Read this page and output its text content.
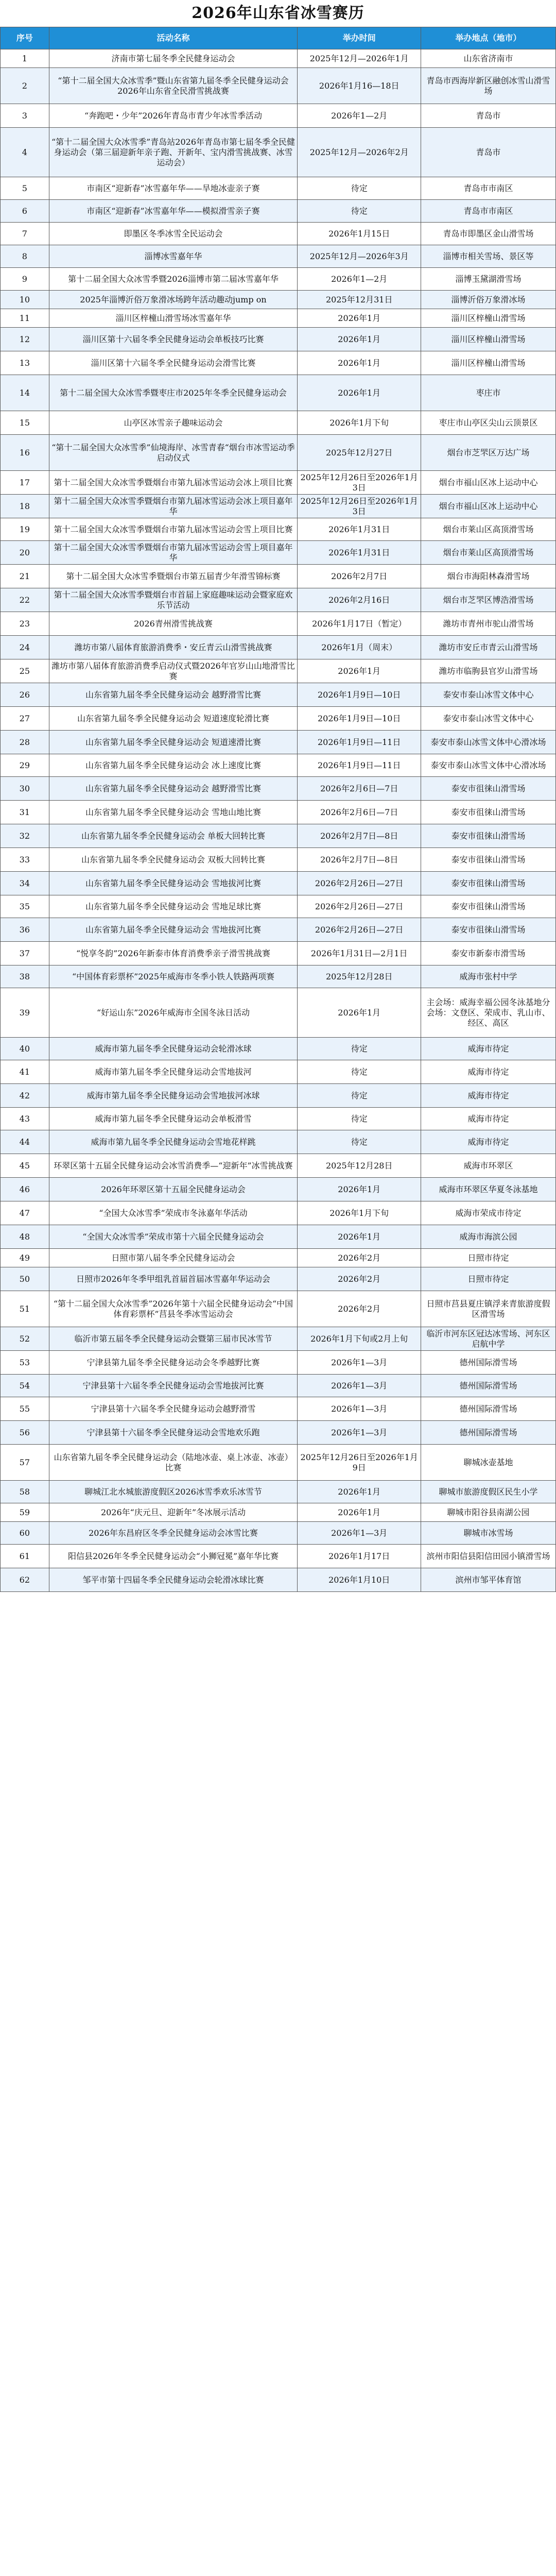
2026年山东省冰雪赛历
序号	活动名称	举办时间	举办地点（地市）
1	济南市第七届冬季全民健身运动会	2025年12月—2026年1月	山东省济南市
2	“第十二届全国大众冰雪季”暨山东省第九届冬季全民健身运动会2026年山东省全民滑雪挑战赛	2026年1月16—18日	青岛市西海岸新区融创冰雪山滑雪场
3	“奔跑吧・少年”2026年青岛市青少年冰雪季活动	2026年1—2月	青岛市
4	“第十二届全国大众冰雪季”青岛站2026年青岛市第七届冬季全民健身运动会（第三届迎新年亲子跑、开新年、宝内滑雪挑战赛、冰雪运动会）	2025年12月—2026年2月	青岛市
5	市南区“迎新春”冰雪嘉年华——旱地冰壶亲子赛	待定	青岛市市南区
6	市南区“迎新春”冰雪嘉年华——模拟滑雪亲子赛	待定	青岛市市南区
7	即墨区冬季冰雪全民运动会	2026年1月15日	青岛市即墨区金山滑雪场
8	淄博冰雪嘉年华	2025年12月—2026年3月	淄博市相关雪场、景区等
9	第十二届全国大众冰雪季暨2026淄博市第二届冰雪嘉年华	2026年1—2月	淄博玉黛湖滑雪场
10	2025年淄博沂俗万象滑冰场跨年活动趣动jump on	2025年12月31日	淄博沂俗万象滑冰场
11	淄川区梓橦山滑雪场冰雪嘉年华	2026年1月	淄川区梓橦山滑雪场
12	淄川区第十六届冬季全民健身运动会单板技巧比赛	2026年1月	淄川区梓橦山滑雪场
13	淄川区第十六届冬季全民健身运动会滑雪比赛	2026年1月	淄川区梓橦山滑雪场
14	第十二届全国大众冰雪季暨枣庄市2025年冬季全民健身运动会	2026年1月	枣庄市
15	山亭区冰雪亲子趣味运动会	2026年1月下旬	枣庄市山亭区尖山云顶景区
16	“第十二届全国大众冰雪季”仙境海岸、冰雪青春“烟台市冰雪运动季启动仪式	2025年12月27日	烟台市芝罘区万达广场
17	第十二届全国大众冰雪季暨烟台市第九届冰雪运动会冰上项目比赛	2025年12月26日至2026年1月3日	烟台市福山区冰上运动中心
18	第十二届全国大众冰雪季暨烟台市第九届冰雪运动会冰上项目嘉年华	2025年12月26日至2026年1月3日	烟台市福山区冰上运动中心
19	第十二届全国大众冰雪季暨烟台市第九届冰雪运动会雪上项目比赛	2026年1月31日	烟台市莱山区高顶滑雪场
20	第十二届全国大众冰雪季暨烟台市第九届冰雪运动会雪上项目嘉年华	2026年1月31日	烟台市莱山区高顶滑雪场
21	第十二届全国大众冰雪季暨烟台市第五届青少年滑雪锦标赛	2026年2月7日	烟台市海阳林森滑雪场
22	第十二届全国大众冰雪季暨烟台市首届上家庭趣味运动会暨家庭欢乐节活动	2026年2月16日	烟台市芝罘区博浩滑雪场
23	2026青州滑雪挑战赛	2026年1月17日（暂定）	潍坊市青州市驼山滑雪场
24	潍坊市第八届体育旅游消费季・安丘青云山滑雪挑战赛	2026年1月（周末）	潍坊市安丘市青云山滑雪场
25	潍坊市第八届体育旅游消费季启动仪式暨2026年官岁山山地滑雪比赛	2026年1月	潍坊市临朐县官岁山滑雪场
26	山东省第九届冬季全民健身运动会 越野滑雪比赛	2026年1月9日—10日	泰安市泰山冰雪文体中心
27	山东省第九届冬季全民健身运动会 短道速度轮滑比赛	2026年1月9日—10日	泰安市泰山冰雪文体中心
28	山东省第九届冬季全民健身运动会 短道速滑比赛	2026年1月9日—11日	泰安市泰山冰雪文体中心滑冰场
29	山东省第九届冬季全民健身运动会 冰上速度比赛	2026年1月9日—11日	泰安市泰山冰雪文体中心滑冰场
30	山东省第九届冬季全民健身运动会 越野滑雪比赛	2026年2月6日—7日	泰安市徂徕山滑雪场
31	山东省第九届冬季全民健身运动会 雪地山地比赛	2026年2月6日—7日	泰安市徂徕山滑雪场
32	山东省第九届冬季全民健身运动会 单板大回转比赛	2026年2月7日—8日	泰安市徂徕山滑雪场
33	山东省第九届冬季全民健身运动会 双板大回转比赛	2026年2月7日—8日	泰安市徂徕山滑雪场
34	山东省第九届冬季全民健身运动会 雪地拔河比赛	2026年2月26日—27日	泰安市徂徕山滑雪场
35	山东省第九届冬季全民健身运动会 雪地足球比赛	2026年2月26日—27日	泰安市徂徕山滑雪场
36	山东省第九届冬季全民健身运动会 雪地拔河比赛	2026年2月26日—27日	泰安市徂徕山滑雪场
37	“悦享冬韵”2026年新泰市体育消费季亲子滑雪挑战赛	2026年1月31日—2月1日	泰安市新泰市滑雪场
38	“中国体育彩票杯”2025年威海市冬季小铁人铁路两项赛	2025年12月28日	威海市张村中学
39	“好运山东”2026年威海市全国冬泳日活动	2026年1月	主会场：威海幸福公园冬泳基地分会场：文登区、荣成市、乳山市、经区、高区
40	威海市第九届冬季全民健身运动会轮滑冰球	待定	威海市待定
41	威海市第九届冬季全民健身运动会雪地拔河	待定	威海市待定
42	威海市第九届冬季全民健身运动会雪地拔河冰球	待定	威海市待定
43	威海市第九届冬季全民健身运动会单板滑雪	待定	威海市待定
44	威海市第九届冬季全民健身运动会雪地花样跳	待定	威海市待定
45	环翠区第十五届全民健身运动会冰雪消费季—“迎新年”冰雪挑战赛	2025年12月28日	威海市环翠区
46	2026年环翠区第十五届全民健身运动会	2026年1月	威海市环翠区华夏冬泳基地
47	“全国大众冰雪季”荣成市冬泳嘉年华活动	2026年1月下旬	威海市荣成市待定
48	“全国大众冰雪季”荣成市第十六届全民健身运动会	2026年1月	威海市海滨公园
49	日照市第八届冬季全民健身运动会	2026年2月	日照市待定
50	日照市2026年冬季甲组乳首届首届冰雪嘉年华运动会	2026年2月	日照市待定
51	“第十二届全国大众冰雪季”2026年第十六届全民健身运动会“中国体育彩票杯”莒县冬季冰雪运动会	2026年2月	日照市莒县夏庄镇浮来青旅游度假区滑雪场
52	临沂市第五届冬季全民健身运动会暨第三届市民冰雪节	2026年1月下旬或2月上旬	临沂市河东区冠达冰雪场、河东区启航中学
53	宁津县第九届冬季全民健身运动会冬季越野比赛	2026年1—3月	德州国际滑雪场
54	宁津县第十六届冬季全民健身运动会雪地拔河比赛	2026年1—3月	德州国际滑雪场
55	宁津县第十六届冬季全民健身运动会越野滑雪	2026年1—3月	德州国际滑雪场
56	宁津县第十六届冬季全民健身运动会雪地欢乐跑	2026年1—3月	德州国际滑雪场
57	山东省第九届冬季全民健身运动会（陆地冰壶、桌上冰壶、冰壶）比赛	2025年12月26日至2026年1月9日	聊城冰壶基地
58	聊城江北水城旅游度假区2026冰雪季欢乐冰雪节	2026年1月	聊城市旅游度假区民生小学
59	2026年“庆元旦、迎新年”冬冰展示活动	2026年1月	聊城市阳谷县南湖公园
60	2026年东昌府区冬季全民健身运动会冰雪比赛	2026年1—3月	聊城市冰雪场
61	阳信县2026年冬季全民健身运动会“小狮冠冕”嘉年华比赛	2026年1月17日	滨州市阳信县阳信田园小镇滑雪场
62	邹平市第十四届冬季全民健身运动会轮滑冰球比赛	2026年1月10日	滨州市邹平体育馆
